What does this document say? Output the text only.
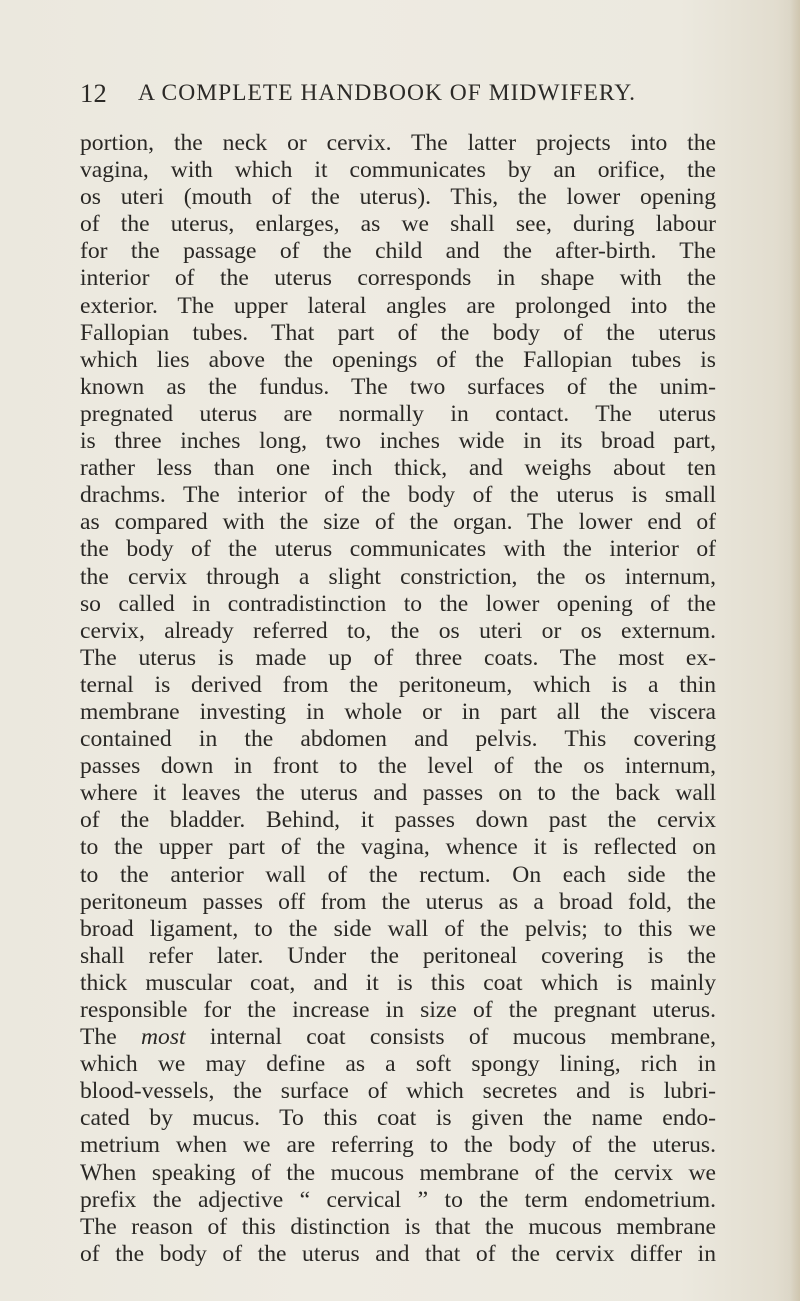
12 A COMPLETE HANDBOOK OF MIDWIFERY.
portion, the neck or cervix. The latter projects into the
vagina, with which it communicates by an orifice, the
os uteri (mouth of the uterus). This, the lower opening
of the uterus, enlarges, as we shall see, during labour
for the passage of the child and the after-birth. The
interior of the uterus corresponds in shape with the
exterior. The upper lateral angles are prolonged into the
Fallopian tubes. That part of the body of the uterus
which lies above the openings of the Fallopian tubes is
known as the fundus. The two surfaces of the unim-
pregnated uterus are normally in contact. The uterus
is three inches long, two inches wide in its broad part,
rather less than one inch thick, and weighs about ten
drachms. The interior of the body of the uterus is small
as compared with the size of the organ. The lower end of
the body of the uterus communicates with the interior of
the cervix through a slight constriction, the os internum,
so called in contradistinction to the lower opening of the
cervix, already referred to, the os uteri or os externum.
The uterus is made up of three coats. The most ex-
ternal is derived from the peritoneum, which is a thin
membrane investing in whole or in part all the viscera
contained in the abdomen and pelvis. This covering
passes down in front to the level of the os internum,
where it leaves the uterus and passes on to the back wall
of the bladder. Behind, it passes down past the cervix
to the upper part of the vagina, whence it is reflected on
to the anterior wall of the rectum. On each side the
peritoneum passes off from the uterus as a broad fold, the
broad ligament, to the side wall of the pelvis; to this we
shall refer later. Under the peritoneal covering is the
thick muscular coat, and it is this coat which is mainly
responsible for the increase in size of the pregnant uterus.
The most internal coat consists of mucous membrane,
which we may define as a soft spongy lining, rich in
blood-vessels, the surface of which secretes and is lubri-
cated by mucus. To this coat is given the name endo-
metrium when we are referring to the body of the uterus.
When speaking of the mucous membrane of the cervix we
prefix the adjective “ cervical ” to the term endometrium.
The reason of this distinction is that the mucous membrane
of the body of the uterus and that of the cervix differ in
